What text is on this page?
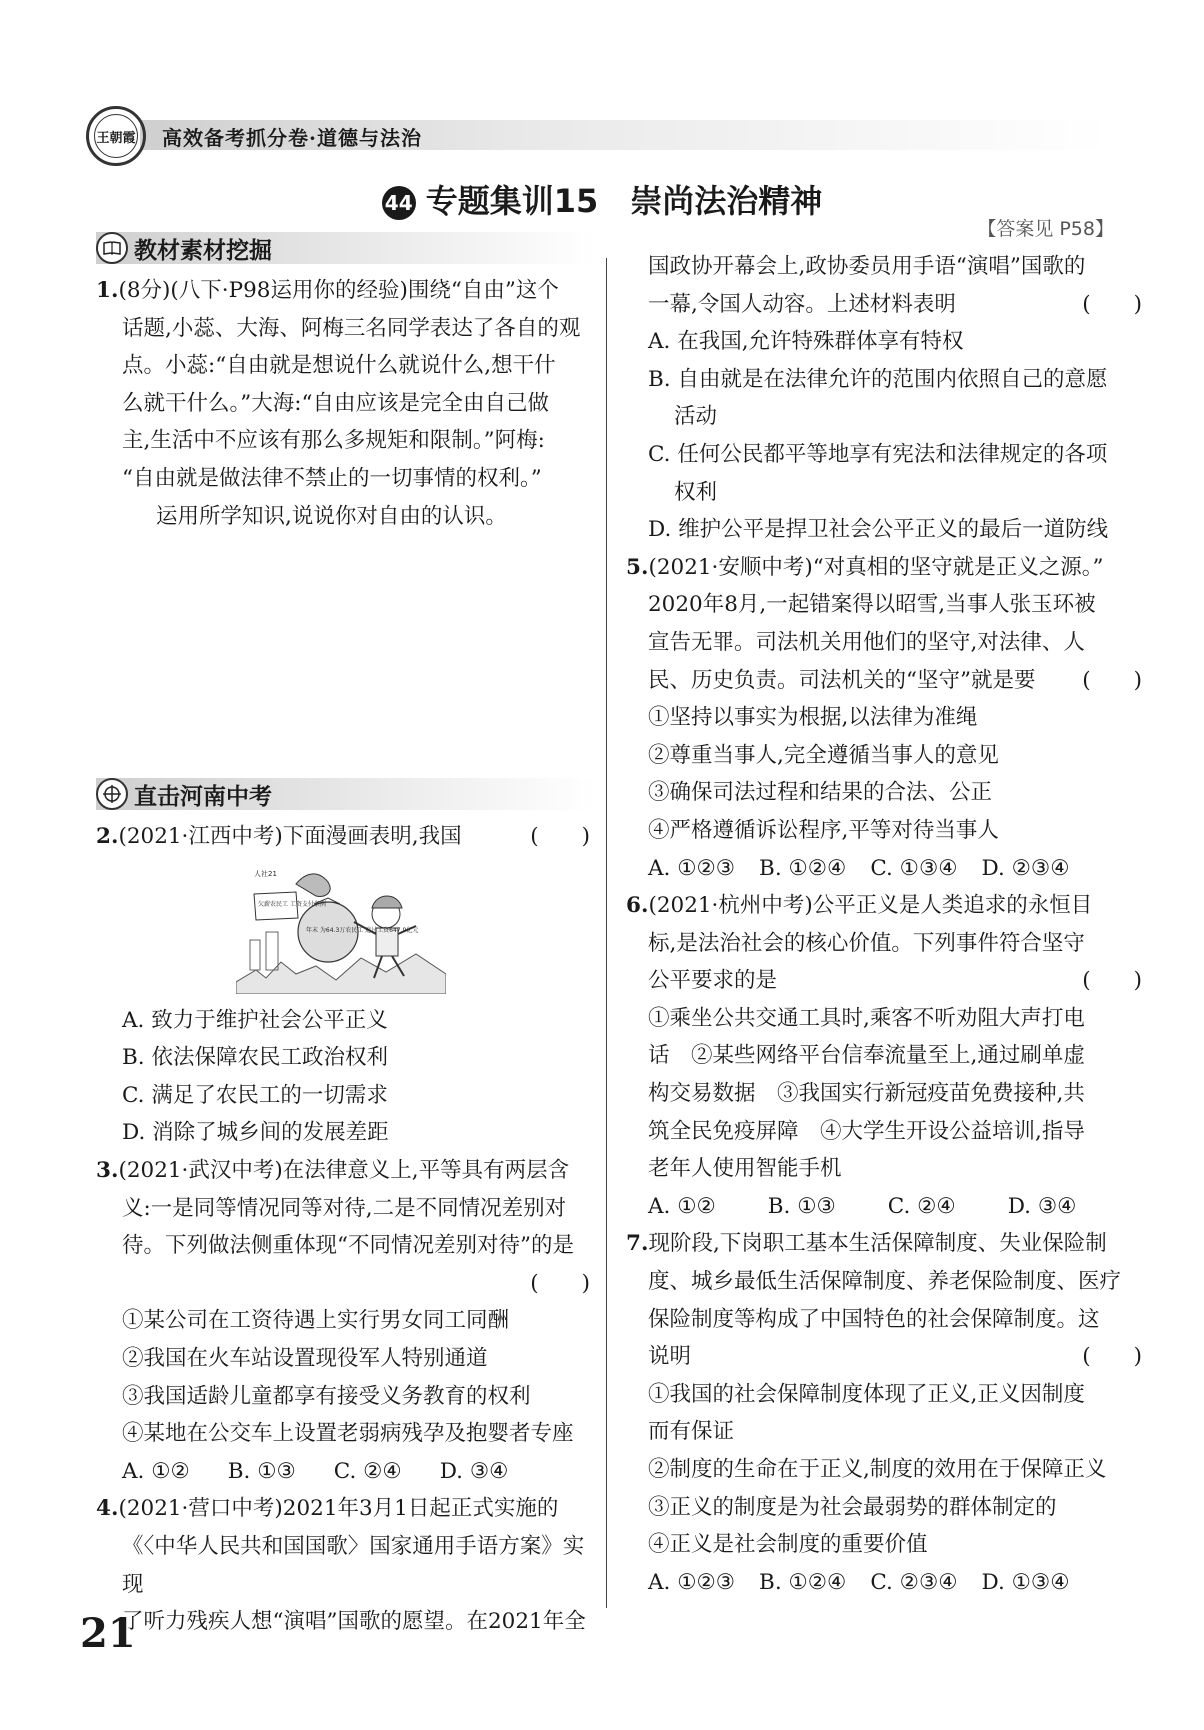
王朝霞 高效备考抓分卷·道德与法治
44 专题集训15　崇尚法治精神
【答案见 P58】
教材素材挖掘
1.(8分)(八下·P98运用你的经验)围绕“自由”这个
话题,小蕊、大海、阿梅三名同学表达了各自的观
点。小蕊:“自由就是想说什么就说什么,想干什
么就干什么。”大海:“自由应该是完全由自己做
主,生活中不应该有那么多规矩和限制。”阿梅:
“自由就是做法律不禁止的一切事情的权利。”
运用所学知识,说说你对自由的认识。
直击河南中考
2.(2021·江西中考)下面漫画表明,我国	(　　)
人社21
欠薪农民工 工资支付条例
年末 为64.3万农民工 追讨工资647.9亿元
A. 致力于维护社会公平正义
B. 依法保障农民工政治权利
C. 满足了农民工的一切需求
D. 消除了城乡间的发展差距
3.(2021·武汉中考)在法律意义上,平等具有两层含
义:一是同等情况同等对待,二是不同情况差别对
待。下列做法侧重体现“不同情况差别对待”的是
(　　)
①某公司在工资待遇上实行男女同工同酬
②我国在火车站设置现役军人特别通道
③我国适龄儿童都享有接受义务教育的权利
④某地在公交车上设置老弱病残孕及抱婴者专座
A. ①② B. ①③ C. ②④ D. ③④
4.(2021·营口中考)2021年3月1日起正式实施的
《〈中华人民共和国国歌〉国家通用手语方案》实现
了听力残疾人想“演唱”国歌的愿望。在2021年全
国政协开幕会上,政协委员用手语“演唱”国歌的
一幕,令国人动容。上述材料表明	(　　)
A. 在我国,允许特殊群体享有特权
B. 自由就是在法律允许的范围内依照自己的意愿
活动
C. 任何公民都平等地享有宪法和法律规定的各项
权利
D. 维护公平是捍卫社会公平正义的最后一道防线
5.(2021·安顺中考)“对真相的坚守就是正义之源。”
2020年8月,一起错案得以昭雪,当事人张玉环被
宣告无罪。司法机关用他们的坚守,对法律、人
民、历史负责。司法机关的“坚守”就是要 (　　)
①坚持以事实为根据,以法律为准绳
②尊重当事人,完全遵循当事人的意见
③确保司法过程和结果的合法、公正
④严格遵循诉讼程序,平等对待当事人
A. ①②③ B. ①②④ C. ①③④ D. ②③④
6.(2021·杭州中考)公平正义是人类追求的永恒目
标,是法治社会的核心价值。下列事件符合坚守
公平要求的是	(　　)
①乘坐公共交通工具时,乘客不听劝阻大声打电
话　②某些网络平台信奉流量至上,通过刷单虚
构交易数据　③我国实行新冠疫苗免费接种,共
筑全民免疫屏障　④大学生开设公益培训,指导
老年人使用智能手机
A. ①② B. ①③ C. ②④ D. ③④
7.现阶段,下岗职工基本生活保障制度、失业保险制
度、城乡最低生活保障制度、养老保险制度、医疗
保险制度等构成了中国特色的社会保障制度。这
说明	(　　)
①我国的社会保障制度体现了正义,正义因制度
而有保证
②制度的生命在于正义,制度的效用在于保障正义
③正义的制度是为社会最弱势的群体制定的
④正义是社会制度的重要价值
A. ①②③ B. ①②④ C. ②③④ D. ①③④
21
